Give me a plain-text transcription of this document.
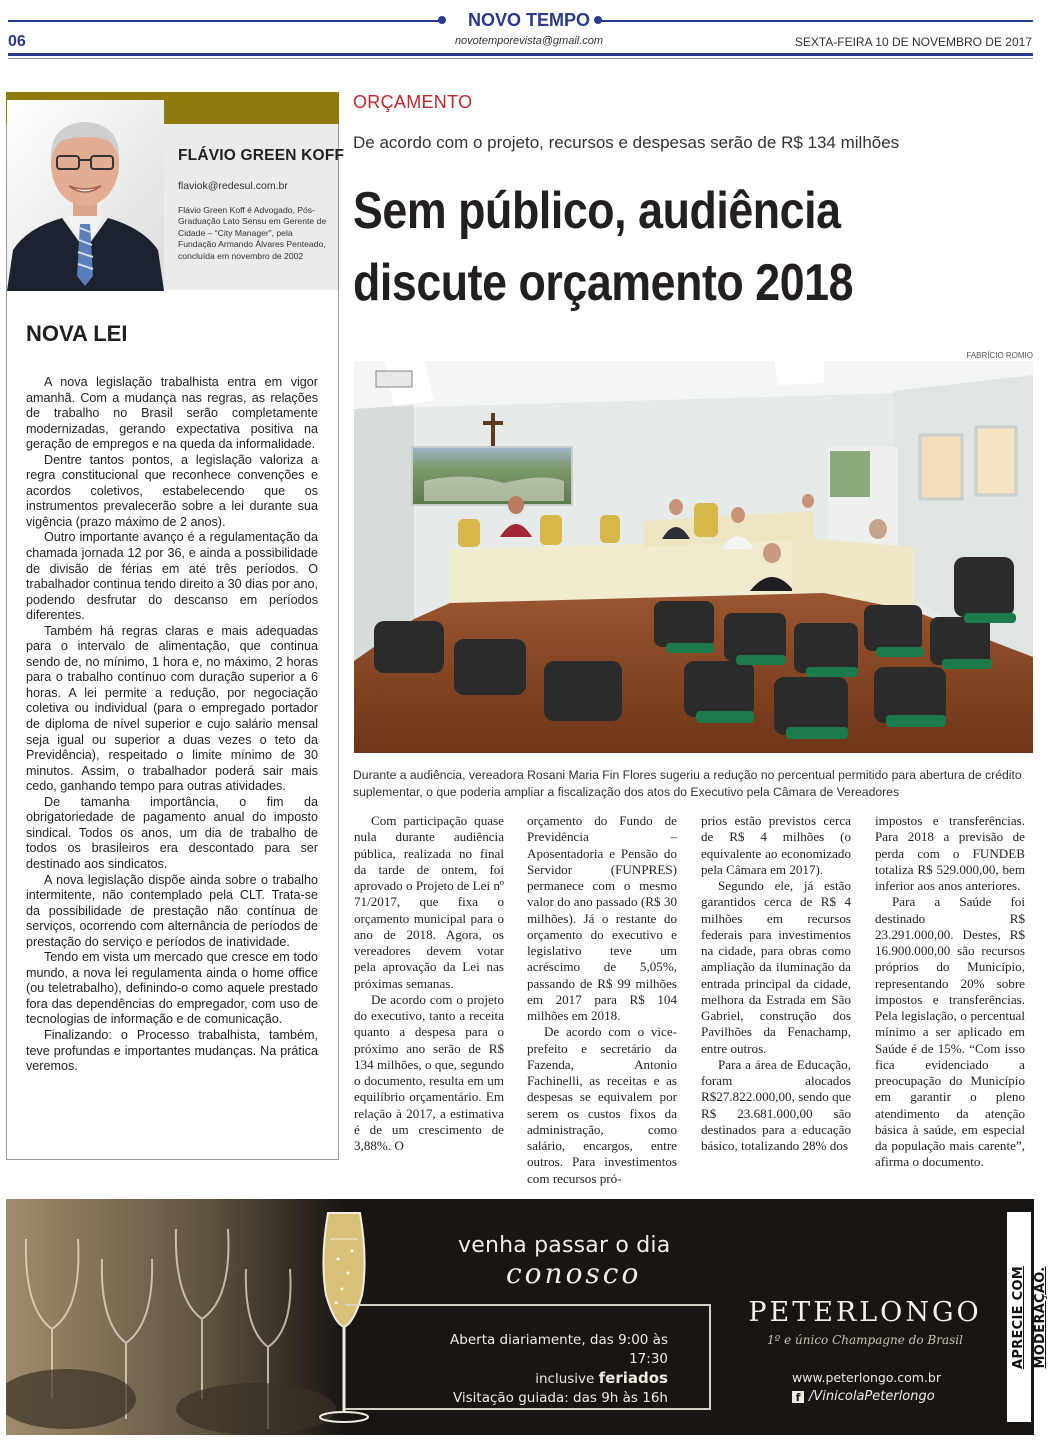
NOVO TEMPO
06	novotemporevista@gmail.com	SEXTA-FEIRA 10 DE NOVEMBRO DE 2017
FLÁVIO GREEN KOFF
flaviok@redesul.com.br
Flávio Green Koff é Advogado, Pós-Graduação Lato Sensu em Gerente de Cidade – “City Manager”, pela Fundação Armando Álvares Penteado, concluída em novembro de 2002
NOVA LEI

A nova legislação trabalhista entra em vigor amanhã. Com a mudança nas regras, as relações de trabalho no Brasil serão completamente modernizadas, gerando expectativa positiva na geração de empregos e na queda da informalidade.

Dentre tantos pontos, a legislação valoriza a regra constitucional que reconhece convenções e acordos coletivos, estabelecendo que os instrumentos prevalecerão sobre a lei durante sua vigência (prazo máximo de 2 anos).

Outro importante avanço é a regulamentação da chamada jornada 12 por 36, e ainda a possibilidade de divisão de férias em até três períodos. O trabalhador continua tendo direito a 30 dias por ano, podendo desfrutar do descanso em períodos diferentes.

Também há regras claras e mais adequadas para o intervalo de alimentação, que continua sendo de, no mínimo, 1 hora e, no máximo, 2 horas para o trabalho contínuo com duração superior a 6 horas. A lei permite a redução, por negociação coletiva ou individual (para o empregado portador de diploma de nível superior e cujo salário mensal seja igual ou superior a duas vezes o teto da Previdência), respeitado o limite mínimo de 30 minutos. Assim, o trabalhador poderá sair mais cedo, ganhando tempo para outras atividades.

De tamanha importância, o fim da obrigatoriedade de pagamento anual do imposto sindical. Todos os anos, um dia de trabalho de todos os brasileiros era descontado para ser destinado aos sindicatos.

A nova legislação dispõe ainda sobre o trabalho intermitente, não contemplado pela CLT. Trata-se da possibilidade de prestação não contínua de serviços, ocorrendo com alternância de períodos de prestação do serviço e períodos de inatividade.

Tendo em vista um mercado que cresce em todo mundo, a nova lei regulamenta ainda o home office (ou teletrabalho), definindo-o como aquele prestado fora das dependências do empregador, com uso de tecnologias de informação e de comunicação.

Finalizando: o Processo trabalhista, também, teve profundas e importantes mudanças. Na prática veremos.

ORÇAMENTO
De acordo com o projeto, recursos e despesas serão de R$ 134 milhões
Sem público, audiência
discute orçamento 2018
FABRÍCIO ROMIO
Durante a audiência, vereadora Rosani Maria Fin Flores sugeriu a redução no percentual permitido para abertura de crédito suplementar, o que poderia ampliar a fiscalização dos atos do Executivo pela Câmara de Vereadores

Com participação quase nula durante audiência pública, realizada no final da tarde de ontem, foi aprovado o Projeto de Lei nº 71/2017, que fixa o orçamento municipal para o ano de 2018. Agora, os vereadores devem votar pela aprovação da Lei nas próximas semanas.

De acordo com o projeto do executivo, tanto a receita quanto a despesa para o próximo ano serão de R$ 134 milhões, o que, segundo o documento, resulta em um equilíbrio orçamentário. Em relação à 2017, a estimativa é de um crescimento de 3,88%. O

orçamento do Fundo de Previdência – Aposentadoria e Pensão do Servidor (FUNPRES) permanece com o mesmo valor do ano passado (R$ 30 milhões). Já o restante do orçamento do executivo e legislativo teve um acréscimo de 5,05%, passando de R$ 99 milhões em 2017 para R$ 104 milhões em 2018.

De acordo com o vice-prefeito e secretário da Fazenda, Antonio Fachinelli, as receitas e as despesas se equivalem por serem os custos fixos da administração, como salário, encargos, entre outros. Para investimentos com recursos pró-

prios estão previstos cerca de R$ 4 milhões (o equivalente ao economizado pela Câmara em 2017).

Segundo ele, já estão garantidos cerca de R$ 4 milhões em recursos federais para investimentos na cidade, para obras como ampliação da iluminação da entrada principal da cidade, melhora da Estrada em São Gabriel, construção dos Pavilhões da Fenachamp, entre outros.

Para a área de Educação, foram alocados R$27.822.000,00, sendo que R$ 23.681.000,00 são destinados para a educação básico, totalizando 28% dos

impostos e transferências. Para 2018 a previsão de perda com o FUNDEB totaliza R$ 529.000,00, bem inferior aos anos anteriores.

Para a Saúde foi destinado R$ 23.291.000,00. Destes, R$ 16.900.000,00 são recursos próprios do Município, representando 20% sobre impostos e transferências. Pela legislação, o percentual mínimo a ser aplicado em Saúde é de 15%. “Com isso fica evidenciado a preocupação do Município em garantir o pleno atendimento da atenção básica à saúde, em especial da população mais carente”, afirma o documento.

venha passar o dia
conosco
Aberta diariamente, das 9:00 às 17:30
inclusive feriados
Visitação guiada: das 9h às 16h
PETERLONGO
1º e único Champagne do Brasil
www.peterlongo.com.br
f /VinicolaPeterlongo
APRECIE COM MODERAÇÃO.
